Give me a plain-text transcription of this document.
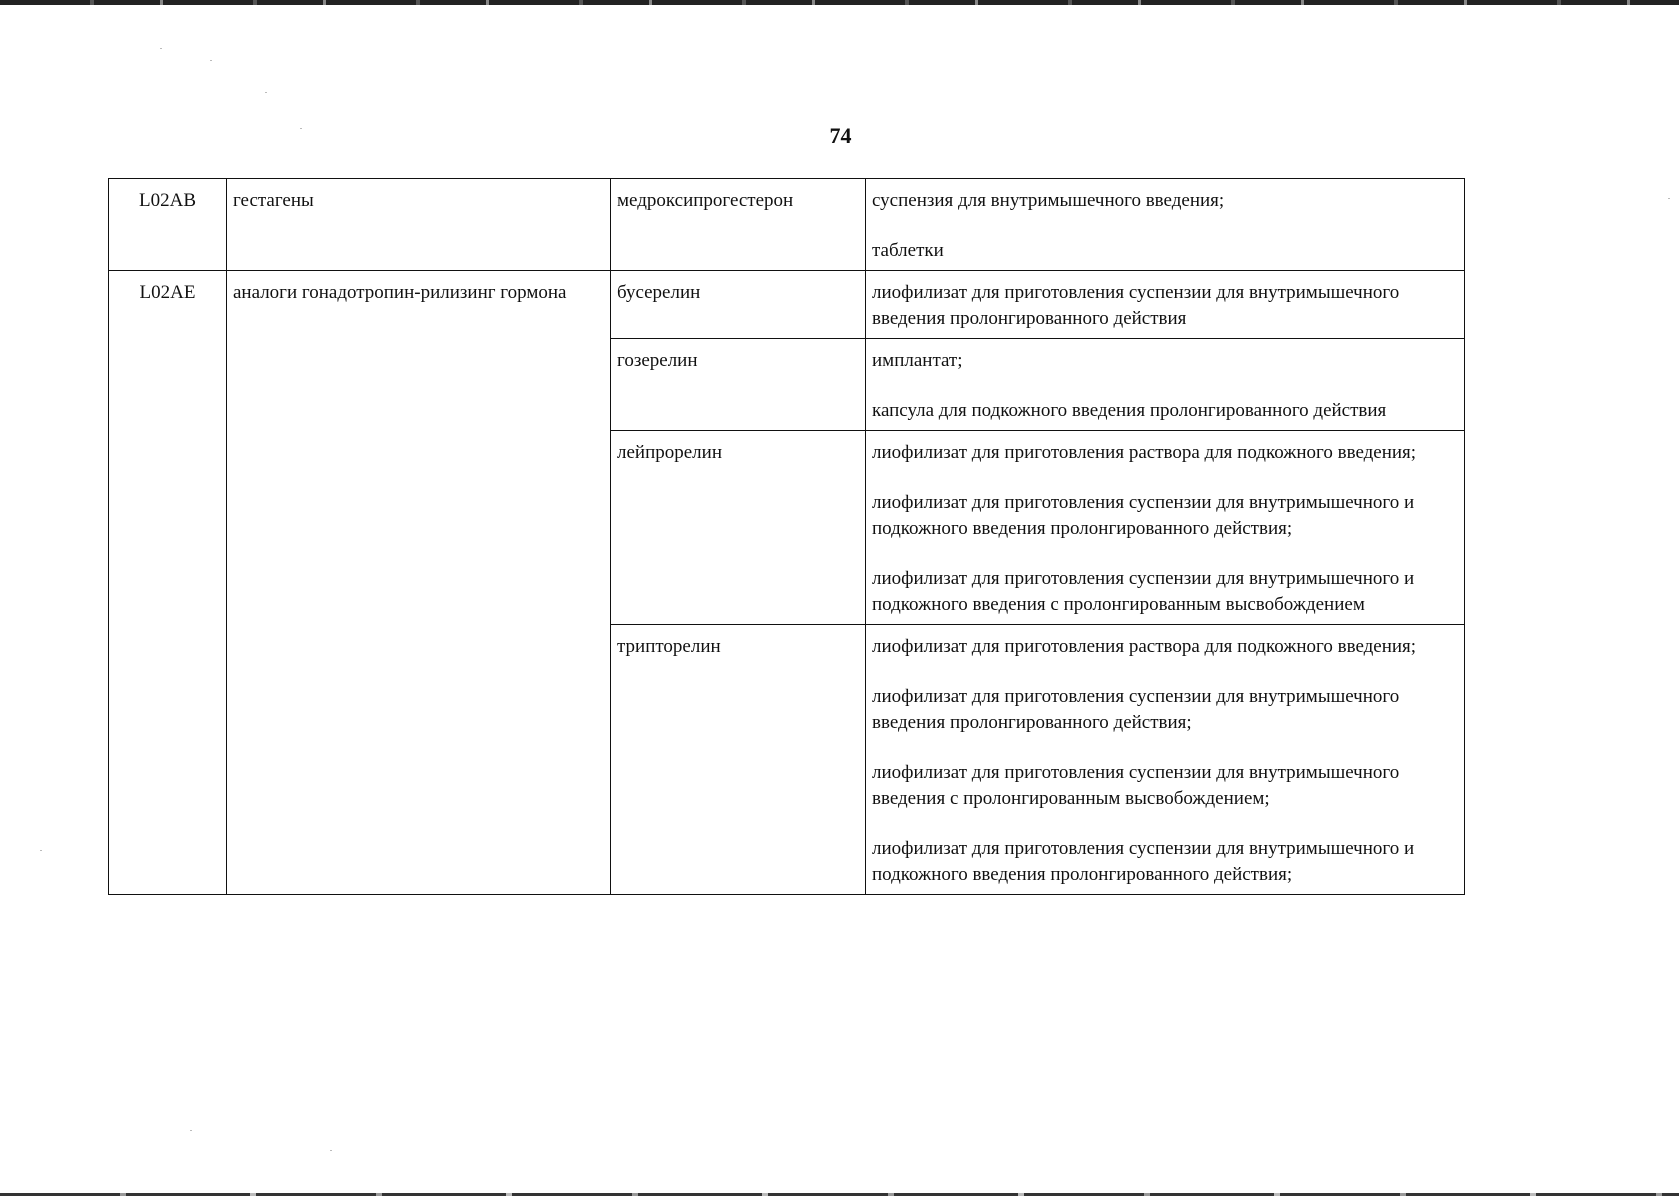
74
L02AB	гестагены	медроксипрогестерон	суспензия для внутримышечного введения;

таблетки

L02AE	аналоги гонадотропин-рилизинг гормона	бусерелин	лиофилизат для приготовления суспензии для внутримышечного введения пролонгированного действия

		гозерелин	имплантат;

капсула для подкожного введения пролонгированного действия

		лейпрорелин	лиофилизат для приготовления раствора для подкожного введения;

лиофилизат для приготовления суспензии для внутримышечного и подкожного введения пролонгированного действия;

лиофилизат для приготовления суспензии для внутримышечного и подкожного введения с пролонгированным высвобождением

		трипторелин	лиофилизат для приготовления раствора для подкожного введения;

лиофилизат для приготовления суспензии для внутримышечного введения пролонгированного действия;

лиофилизат для приготовления суспензии для внутримышечного введения с пролонгированным высвобождением;

лиофилизат для приготовления суспензии для внутримышечного и подкожного введения пролонгированного действия;
